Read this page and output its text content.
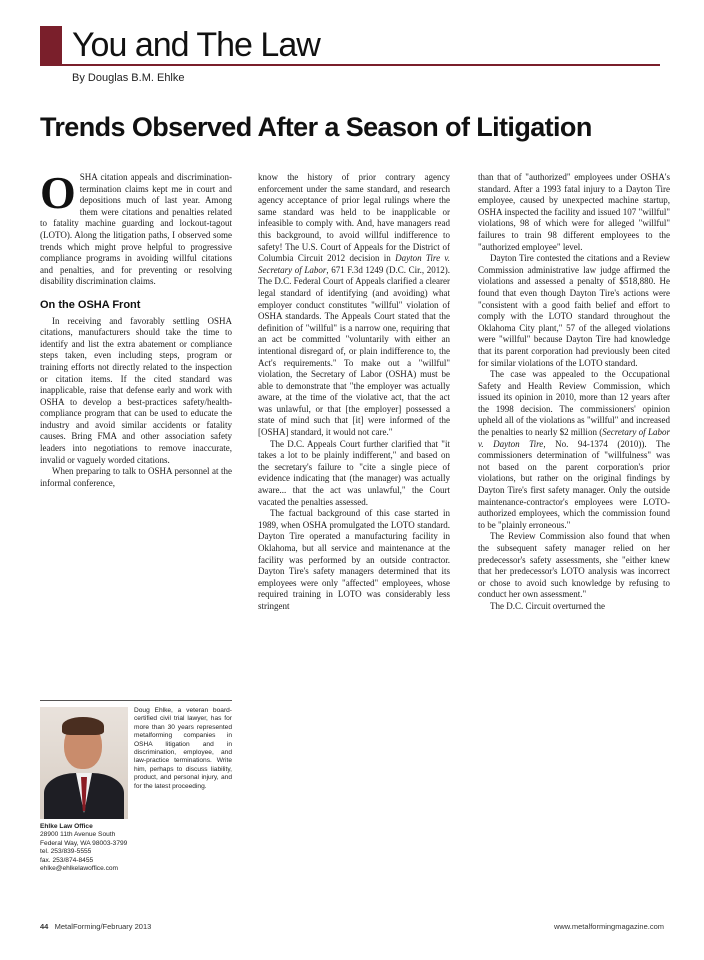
You and The Law
By Douglas B.M. Ehlke
Trends Observed After a Season of Litigation

OSHA citation appeals and discrimination-termination claims kept me in court and depositions much of last year. Among them were citations and penalties related to fatality machine guarding and lockout-tagout (LOTO). Along the litigation paths, I observed some trends which might prove helpful to progressive compliance programs in avoiding willful citations and penalties, and for preventing or resolving disability discrimination claims.

On the OSHA Front

In receiving and favorably settling OSHA citations, manufacturers should take the time to identify and list the extra abatement or compliance steps taken, even including steps, program or training efforts not directly related to the inspection or citation items. If the cited standard was inapplicable, raise that defense early and work with OSHA to develop a best-practices safety/health-compliance program that can be used to educate the industry and avoid similar accidents or fatality causes. Bring FMA and other association safety leaders into negotiations to remove inaccurate, invalid or vaguely worded citations.

When preparing to talk to OSHA personnel at the informal conference,

Doug Ehlke, a veteran board-certified civil trial lawyer, has for more than 30 years represented metalforming companies in OSHA litigation and in discrimination, employee, and law-practice terminations. Write him, perhaps to discuss liability, product, and personal injury, and for the latest proceeding.
Ehlke Law Office
28900 11th Avenue South
Federal Way, WA 98003-3799
tel. 253/839-5555
fax. 253/874-8455
ehlke@ehlkelawoffice.com

know the history of prior contrary agency enforcement under the same standard, and research agency acceptance of prior legal rulings where the same standard was held to be inapplicable or infeasible to comply with. And, have managers read this background, to avoid willful indifference to safety! The U.S. Court of Appeals for the District of Columbia Circuit 2012 decision in Dayton Tire v. Secretary of Labor, 671 F.3d 1249 (D.C. Cir., 2012). The D.C. Federal Court of Appeals clarified a clearer legal standard of identifying (and avoiding) what employer conduct constitutes "willful" violation of OSHA standards. The Appeals Court stated that the definition of "willful" is a narrow one, requiring that an act be committed "voluntarily with either an intentional disregard of, or plain indifference to, the Act's requirements." To make out a "willful" violation, the Secretary of Labor (OSHA) must be able to demonstrate that "the employer was actually aware, at the time of the violative act, that the act was unlawful, or that [the employer] possessed a state of mind such that [it] were informed of the [OSHA] standard, it would not care."

The D.C. Appeals Court further clarified that "it takes a lot to be plainly indifferent," and based on the secretary's failure to "cite a single piece of evidence indicating that (the manager) was actually aware... that the act was unlawful," the Court vacated the penalties assessed.

The factual background of this case started in 1989, when OSHA promulgated the LOTO standard. Dayton Tire operated a manufacturing facility in Oklahoma, but all service and maintenance at the facility was performed by an outside contractor. Dayton Tire's safety managers determined that its employees were only "affected" employees, whose required training in LOTO was considerably less stringent

than that of "authorized" employees under OSHA's standard. After a 1993 fatal injury to a Dayton Tire employee, caused by unexpected machine startup, OSHA inspected the facility and issued 107 "willful" violations, 98 of which were for alleged "willful" failures to train 98 different employees to the "authorized employee" level.

Dayton Tire contested the citations and a Review Commission administrative law judge affirmed the violations and assessed a penalty of $518,880. He found that even though Dayton Tire's actions were "consistent with a good faith belief and effort to comply with the LOTO standard throughout the Oklahoma City plant," 57 of the alleged violations were "willful" because Dayton Tire had knowledge that its parent corporation had previously been cited for similar violations of the LOTO standard.

The case was appealed to the Occupational Safety and Health Review Commission, which issued its opinion in 2010, more than 12 years after the 1998 decision. The commissioners' opinion upheld all of the violations as "willful" and increased the penalties to nearly $2 million (Secretary of Labor v. Dayton Tire, No. 94-1374 (2010)). The commissioners determination of "willfulness" was not based on the parent corporation's prior violations, but rather on the original findings by Dayton Tire's first safety manager. Only the outside maintenance-contractor's employees were LOTO-authorized employees, which the commission found to be "plainly erroneous."

The Review Commission also found that when the subsequent safety manager relied on her predecessor's safety assessments, she "either knew that her predecessor's LOTO analysis was incorrect or chose to avoid such knowledge by refusing to conduct her own assessment."

The D.C. Circuit overturned the

44 MetalForming/February 2013	www.metalformingmagazine.com
